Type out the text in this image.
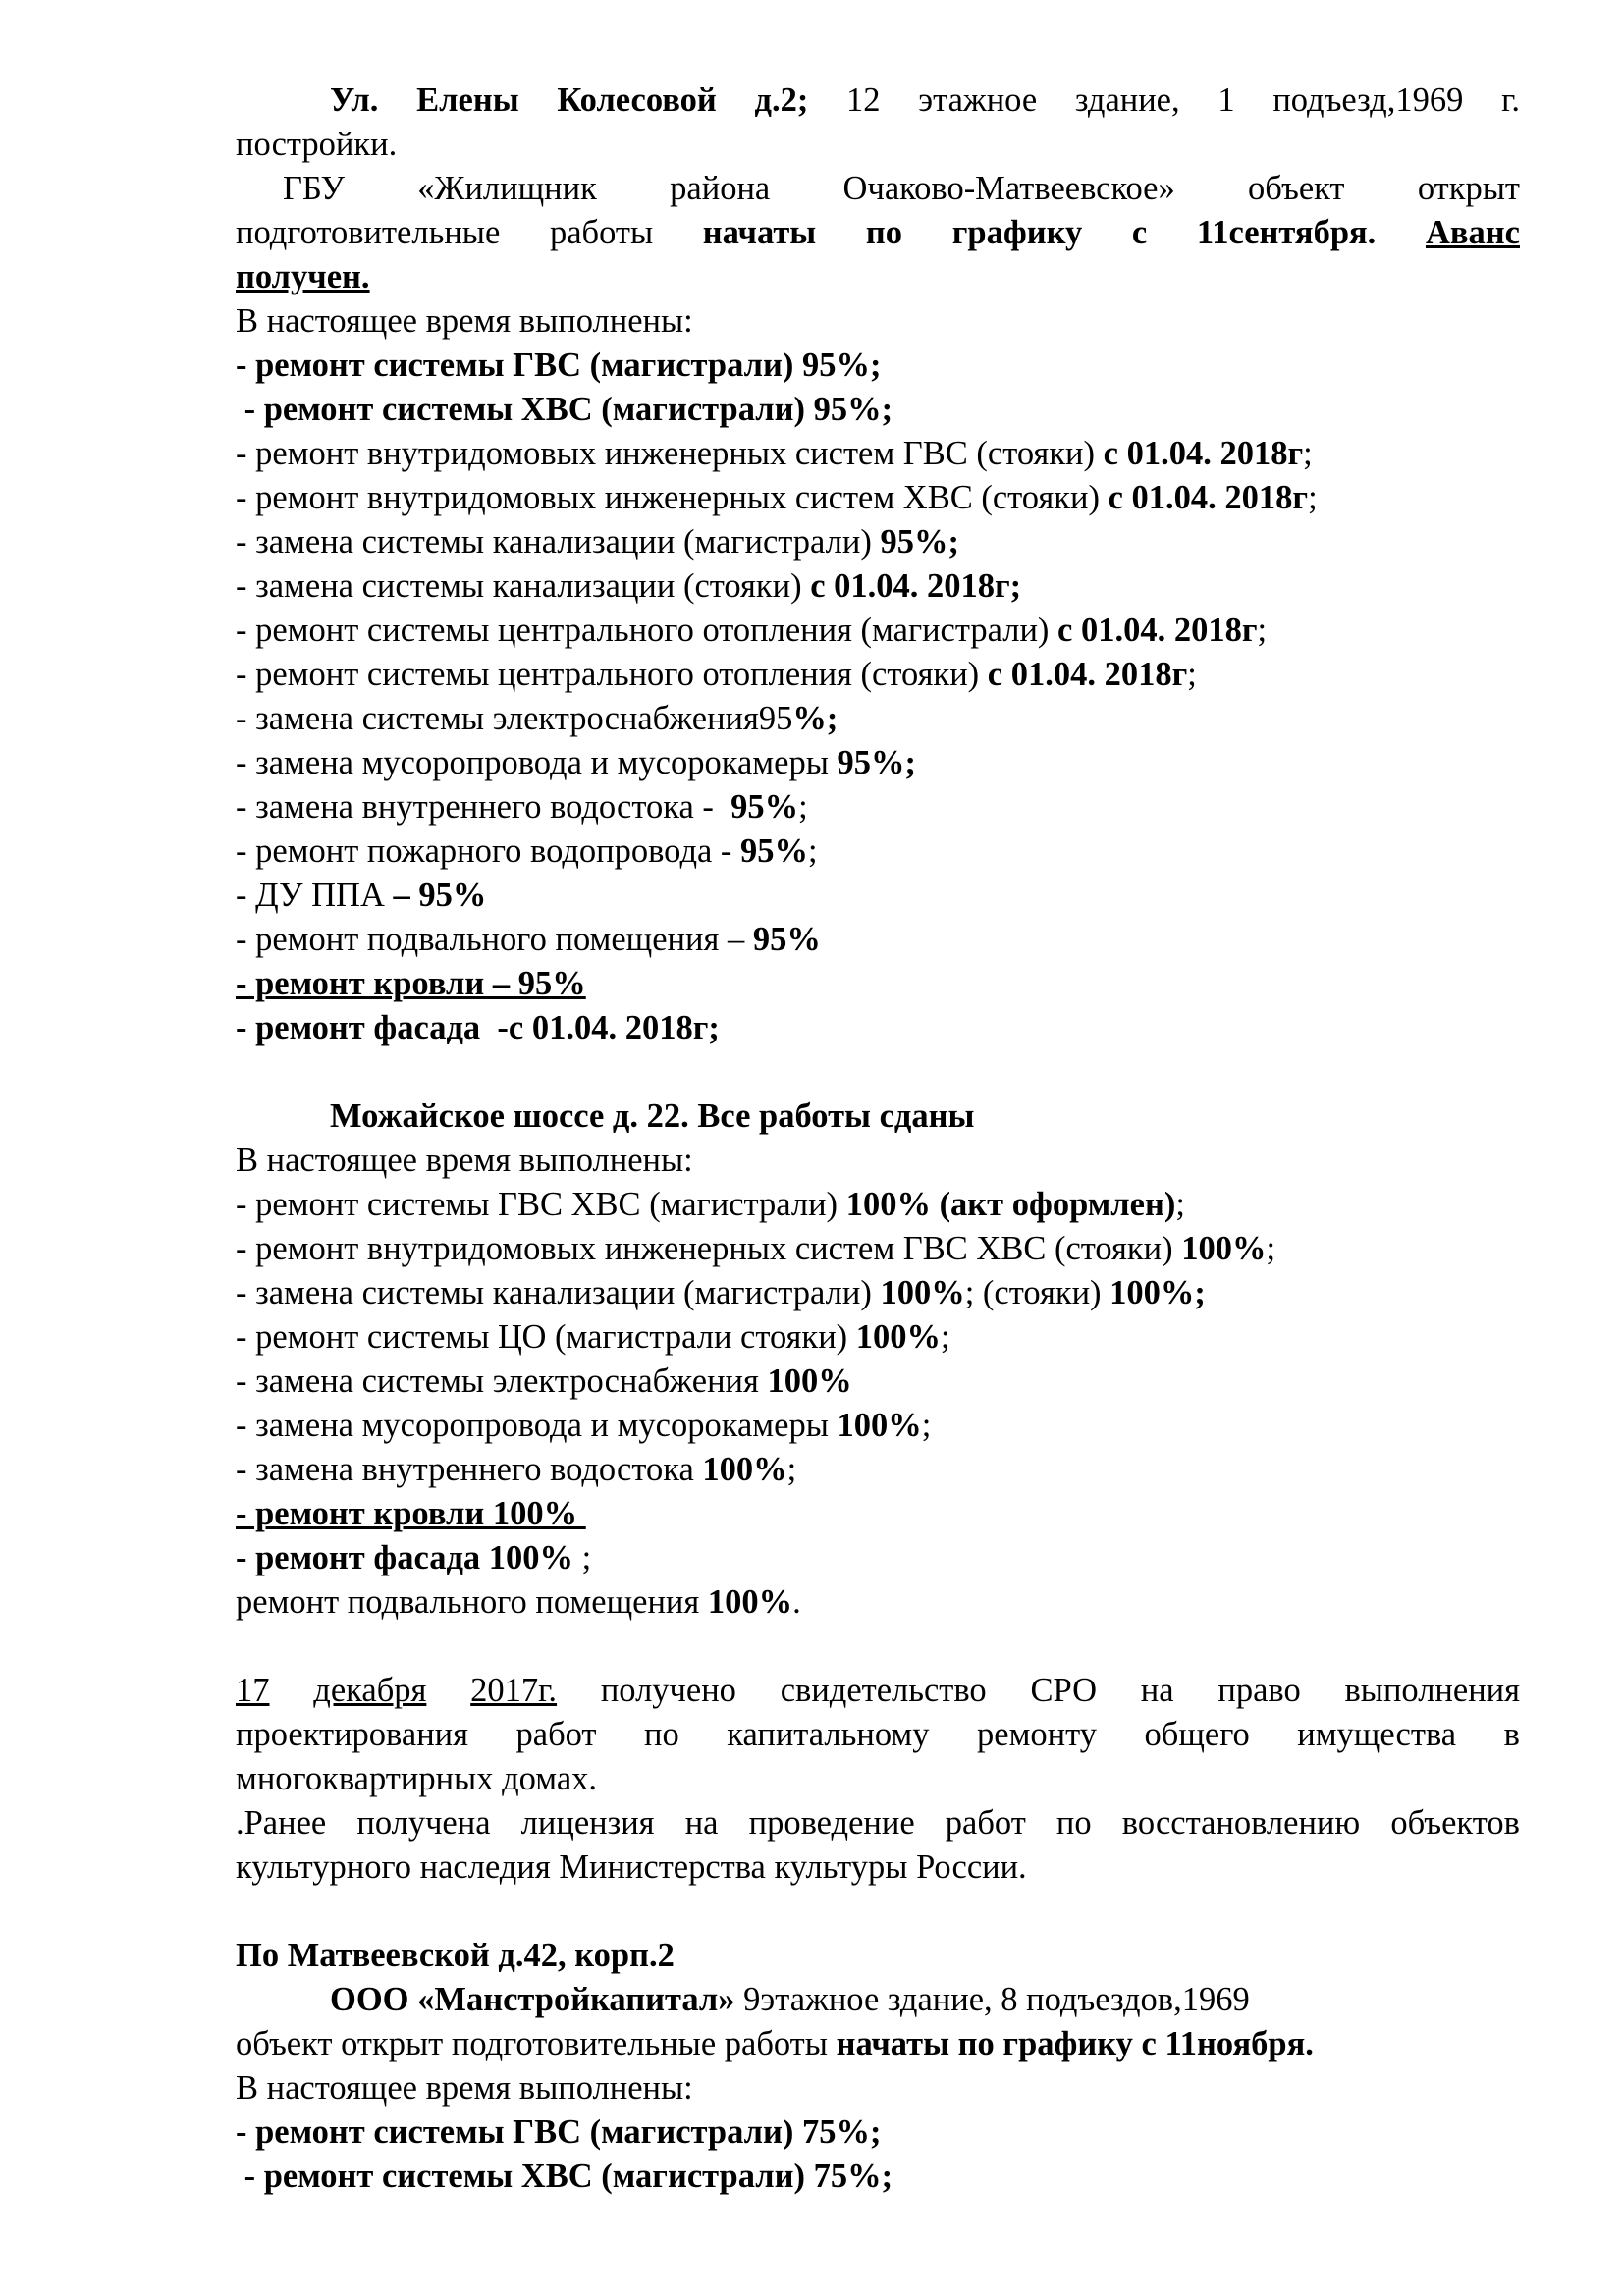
Ул. Елены Колесовой д.2; 12 этажное здание, 1 подъезд,1969 г.
постройки.
ГБУ «Жилищник района Очаково-Матвеевское» объект открыт
подготовительные работы начаты по графику с 11сентября. Аванс
получен.
В настоящее время выполнены:
- ремонт системы ГВС (магистрали) 95%;
- ремонт системы ХВС (магистрали) 95%;
- ремонт внутридомовых инженерных систем ГВС (стояки) с 01.04. 2018г;
- ремонт внутридомовых инженерных систем ХВС (стояки) с 01.04. 2018г;
- замена системы канализации (магистрали) 95%;
- замена системы канализации (стояки) с 01.04. 2018г;
- ремонт системы центрального отопления (магистрали) с 01.04. 2018г;
- ремонт системы центрального отопления (стояки) с 01.04. 2018г;
- замена системы электроснабжения95%;
- замена мусоропровода и мусорокамеры 95%;
- замена внутреннего водостока -  95%;
- ремонт пожарного водопровода - 95%;
- ДУ ППА – 95%
- ремонт подвального помещения – 95%
- ремонт кровли – 95%
- ремонт фасада  -с 01.04. 2018г;
Можайское шоссе д. 22. Все работы сданы
В настоящее время выполнены:
- ремонт системы ГВС ХВС (магистрали) 100% (акт оформлен);
- ремонт внутридомовых инженерных систем ГВС ХВС (стояки) 100%;
- замена системы канализации (магистрали) 100%; (стояки) 100%;
- ремонт системы ЦО (магистрали стояки) 100%;
- замена системы электроснабжения 100%
- замена мусоропровода и мусорокамеры 100%;
- замена внутреннего водостока 100%;
- ремонт кровли 100%
- ремонт фасада 100% ;
ремонт подвального помещения 100%.
17 декабря 2017г. получено свидетельство СРО на право выполнения
проектирования работ по капитальному ремонту общего имущества в
многоквартирных домах.
.Ранее получена лицензия на проведение работ по восстановлению объектов
культурного наследия Министерства культуры России.
По Матвеевской д.42, корп.2
ООО «Манстройкапитал» 9этажное здание, 8 подъездов,1969
объект открыт подготовительные работы начаты по графику с 11ноября.
В настоящее время выполнены:
- ремонт системы ГВС (магистрали) 75%;
- ремонт системы ХВС (магистрали) 75%;
